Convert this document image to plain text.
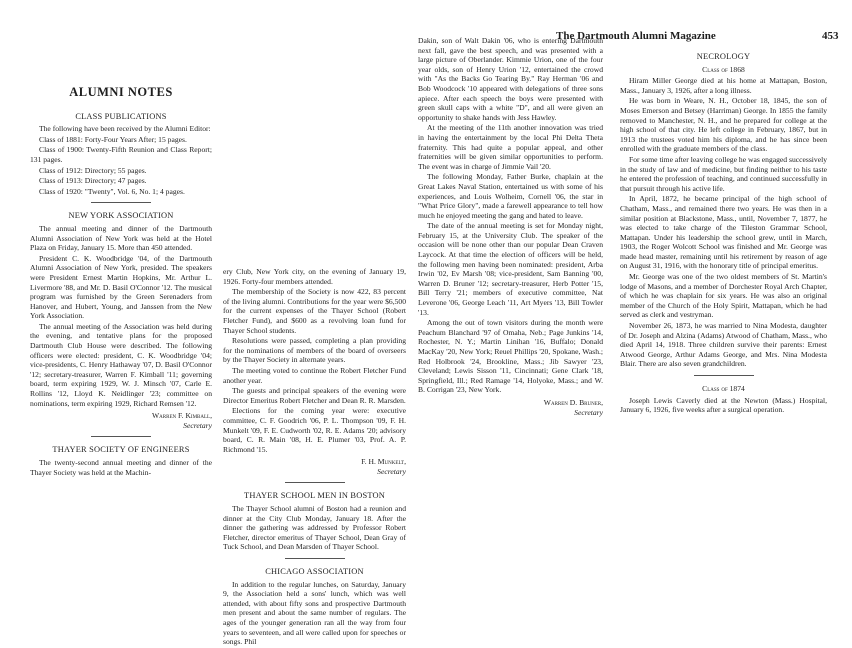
The Dartmouth Alumni Magazine	453
ALUMNI NOTES
CLASS PUBLICATIONS

The following have been received by the Alumni Editor:

Class of 1881: Forty-Four Years After; 15 pages.

Class of 1900: Twenty-Fifth Reunion and Class Report; 131 pages.

Class of 1912: Directory; 55 pages.

Class of 1913: Directory; 47 pages.

Class of 1920: "Twenty", Vol. 6, No. 1; 4 pages.

NEW YORK ASSOCIATION

The annual meeting and dinner of the Dartmouth Alumni Association of New York was held at the Hotel Plaza on Friday, January 15. More than 450 attended.

President C. K. Woodbridge '04, of the Dartmouth Alumni Association of New York, presided. The speakers were President Ernest Martin Hopkins, Mr. Arthur L. Livermore '88, and Mr. D. Basil O'Connor '12. The musical program was furnished by the Green Serenaders from Hanover, and Hubert, Young, and Janssen from the New York Association.

The annual meeting of the Association was held during the evening, and tentative plans for the proposed Dartmouth Club House were described. The following officers were elected: president, C. K. Woodbridge '04; vice-presidents, C. Henry Hathaway '07, D. Basil O'Connor '12; secretary-treasurer, Warren F. Kimball '11; governing board, term expiring 1929, W. J. Minsch '07, Carle E. Rollins '12, Lloyd K. Neidlinger '23; committee on nominations, term expiring 1929, Richard Remsen '12.

Warren F. Kimball,
Secretary
THAYER SOCIETY OF ENGINEERS

The twenty-second annual meeting and dinner of the Thayer Society was held at the Machin-

ery Club, New York city, on the evening of January 19, 1926. Forty-four members attended.

The membership of the Society is now 422, 83 percent of the living alumni. Contributions for the year were $6,500 for the current expenses of the Thayer School (Robert Fletcher Fund), and $600 as a revolving loan fund for Thayer School students.

Resolutions were passed, completing a plan providing for the nominations of members of the board of overseers by the Thayer Society in alternate years.

The meeting voted to continue the Robert Fletcher Fund another year.

The guests and principal speakers of the evening were Director Emeritus Robert Fletcher and Dean R. R. Marsden.

Elections for the coming year were: executive committee, C. F. Goodrich '06, P. L. Thompson '09, F. H. Munkelt '09, F. E. Cudworth '02, R. E. Adams '20; advisory board, C. R. Main '08, H. E. Plumer '03, Prof. A. P. Richmond '15.

F. H. Munkelt,
Secretary
THAYER SCHOOL MEN IN BOSTON

The Thayer School alumni of Boston had a reunion and dinner at the City Club Monday, January 18. After the dinner the gathering was addressed by Professor Robert Fletcher, director emeritus of Thayer School, Dean Gray of Tuck School, and Dean Marsden of Thayer School.

CHICAGO ASSOCIATION

In addition to the regular lunches, on Saturday, January 9, the Association held a sons' lunch, which was well attended, with about fifty sons and prospective Dartmouth men present and about the same number of regulars. The ages of the younger generation ran all the way from four years to seventeen, and all were called upon for speeches or songs. Phil

Dakin, son of Walt Dakin '06, who is entering Dartmouth next fall, gave the best speech, and was presented with a large picture of Oberlander. Kimmie Urion, one of the four year olds, son of Henry Urion '12, entertained the crowd with "As the Backs Go Tearing By." Ray Herman '06 and Bob Woodcock '10 appeared with delegations of three sons apiece. After each speech the boys were presented with green skull caps with a white "D", and all were given an opportunity to shake hands with Jess Hawley.

At the meeting of the 11th another innovation was tried in having the entertainment by the local Phi Delta Theta fraternity. This had quite a popular appeal, and other fraternities will be given similar opportunities to perform. The event was in charge of Jimmie Vail '20.

The following Monday, Father Burke, chaplain at the Great Lakes Naval Station, entertained us with some of his experiences, and Louis Wolheim, Cornell '06, the star in "What Price Glory", made a farewell appearance to tell how much he enjoyed meeting the gang and hated to leave.

The date of the annual meeting is set for Monday night, February 15, at the University Club. The speaker of the occasion will be none other than our popular Dean Craven Laycock. At that time the election of officers will be held, the following men having been nominated: president, Arba Irwin '02, Ev Marsh '08; vice-president, Sam Banning '00, Warren D. Bruner '12; secretary-treasurer, Herb Potter '15, Bill Terry '21; members of executive committee, Nat Leverone '06, George Leach '11, Art Myers '13, Bill Towler '13.

Among the out of town visitors during the month were Peachum Blanchard '97 of Omaha, Neb.; Page Junkins '14, Rochester, N. Y.; Martin Linihan '16, Buffalo; Donald MacKay '20, New York; Reuel Phillips '20, Spokane, Wash.; Red Holbrook '24, Brookline, Mass.; Jib Sawyer '23, Cleveland; Lewis Sisson '11, Cincinnati; Gene Clark '18, Springfield, Ill.; Red Ramage '14, Holyoke, Mass.; and W. B. Corrigan '23, New York.

Warren D. Bruner,
Secretary
NECROLOGY
Class of 1868

Hiram Miller George died at his home at Mattapan, Boston, Mass., January 3, 1926, after a long illness.

He was born in Weare, N. H., October 18, 1845, the son of Moses Emerson and Betsey (Harriman) George. In 1855 the family removed to Manchester, N. H., and he prepared for college at the high school of that city. He left college in February, 1867, but in 1913 the trustees voted him his diploma, and he has since been enrolled with the graduate members of the class.

For some time after leaving college he was engaged successively in the study of law and of medicine, but finding neither to his taste he entered the profession of teaching, and continued successfully in that pursuit through his active life.

In April, 1872, he became principal of the high school of Chatham, Mass., and remained there two years. He was then in a similar position at Blackstone, Mass., until, November 7, 1877, he was elected to take charge of the Tileston Grammar School, Mattapan. Under his leadership the school grew, until in March, 1903, the Roger Wolcott School was finished and Mr. George was made head master, remaining until his retirement by reason of age on August 31, 1916, with the honorary title of principal emeritus.

Mr. George was one of the two oldest members of St. Martin's lodge of Masons, and a member of Dorchester Royal Arch Chapter, of which he was chaplain for six years. He was also an original member of the Church of the Holy Spirit, Mattapan, which he had served as clerk and vestryman.

November 26, 1873, he was married to Nina Modesta, daughter of Dr. Joseph and Alzina (Adams) Atwood of Chatham, Mass., who died April 14, 1918. Three children survive their parents: Ernest Atwood George, Arthur Adams George, and Mrs. Nina Modesta Blair. There are also seven grandchildren.

Class of 1874

Joseph Lewis Caverly died at the Newton (Mass.) Hospital, January 6, 1926, five weeks after a surgical operation.
